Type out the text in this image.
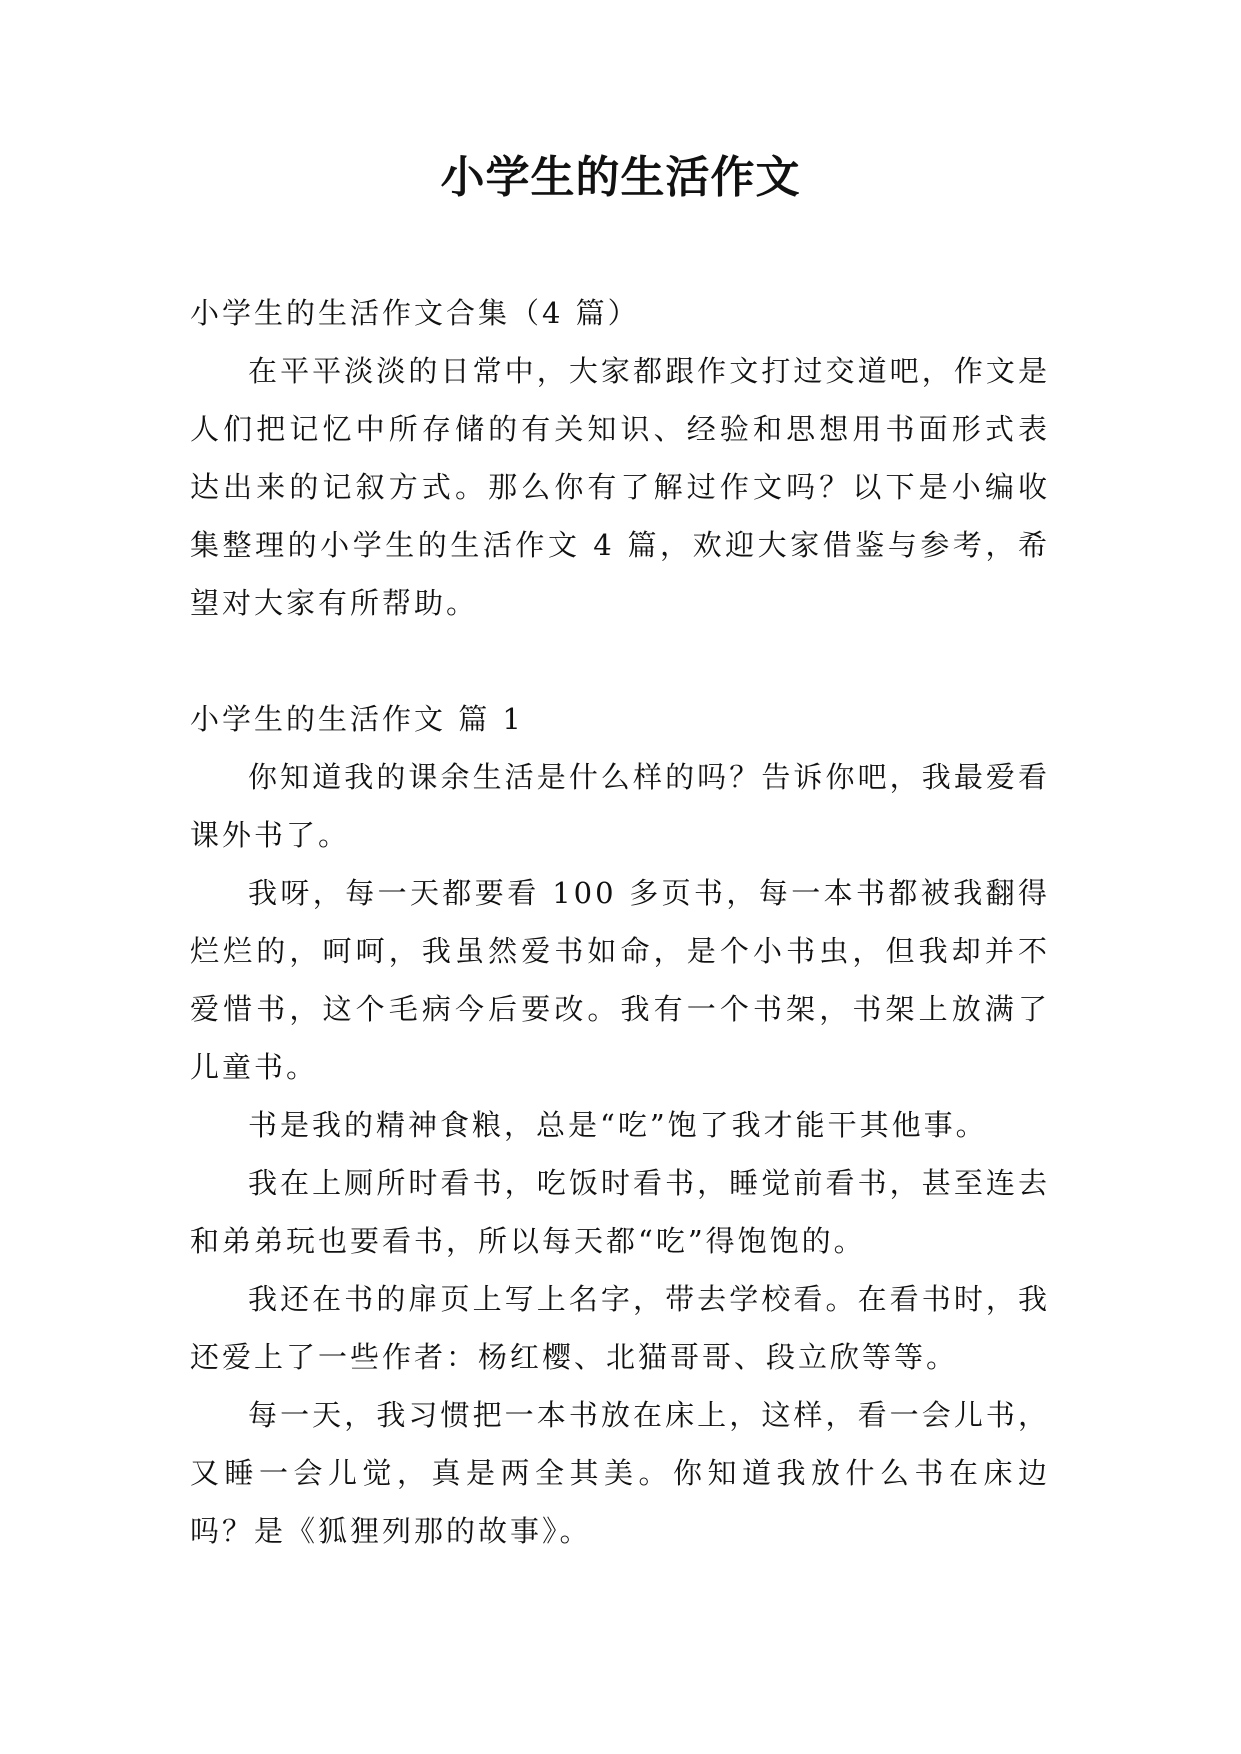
小学生的生活作文

小学生的生活作文合集（4 篇）

在平平淡淡的日常中，大家都跟作文打过交道吧，作文是人们把记忆中所存储的有关知识、经验和思想用书面形式表达出来的记叙方式。那么你有了解过作文吗？以下是小编收集整理的小学生的生活作文 4 篇，欢迎大家借鉴与参考，希望对大家有所帮助。

小学生的生活作文 篇 1

你知道我的课余生活是什么样的吗？告诉你吧，我最爱看课外书了。

我呀，每一天都要看 100 多页书，每一本书都被我翻得烂烂的，呵呵，我虽然爱书如命，是个小书虫，但我却并不爱惜书，这个毛病今后要改。我有一个书架，书架上放满了儿童书。

书是我的精神食粮，总是“吃”饱了我才能干其他事。

我在上厕所时看书，吃饭时看书，睡觉前看书，甚至连去和弟弟玩也要看书，所以每天都“吃”得饱饱的。

我还在书的扉页上写上名字，带去学校看。在看书时，我还爱上了一些作者：杨红樱、北猫哥哥、段立欣等等。

每一天，我习惯把一本书放在床上，这样，看一会儿书，又睡一会儿觉，真是两全其美。你知道我放什么书在床边吗？是《狐狸列那的故事》。
